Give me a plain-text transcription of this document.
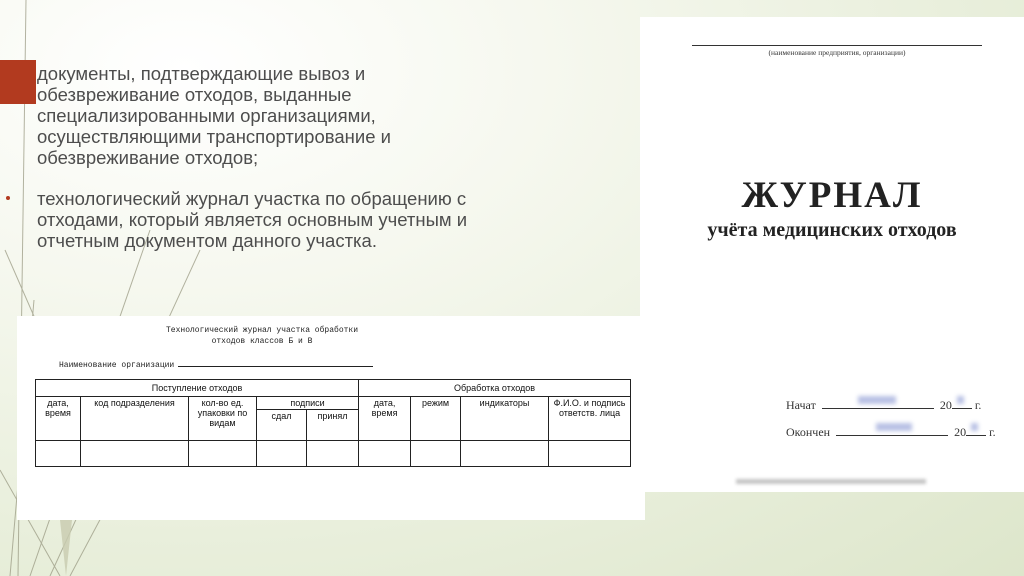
документы, подтверждающие вывоз и обезвреживание отходов, выданные специализированными организациями, осуществляющими транспортирование и обезвреживание отходов;

технологический журнал участка по обращению с отходами, который является основным учетным и отчетным документом данного участка.

(наименование предприятия, организации)
ЖУРНАЛ
учёта медицинских отходов
Начат	20 г.
Окончен	20 г.
Технологический журнал участка обработки
отходов классов Б и В
Наименование организации
Поступление отходов					Обработка отходов			
дата, время	код подразделения	кол-во ед. упаковки по видам	подписи		дата, время	режим	индикаторы	Ф.И.О. и подпись ответств. лица
			сдал	принял				
